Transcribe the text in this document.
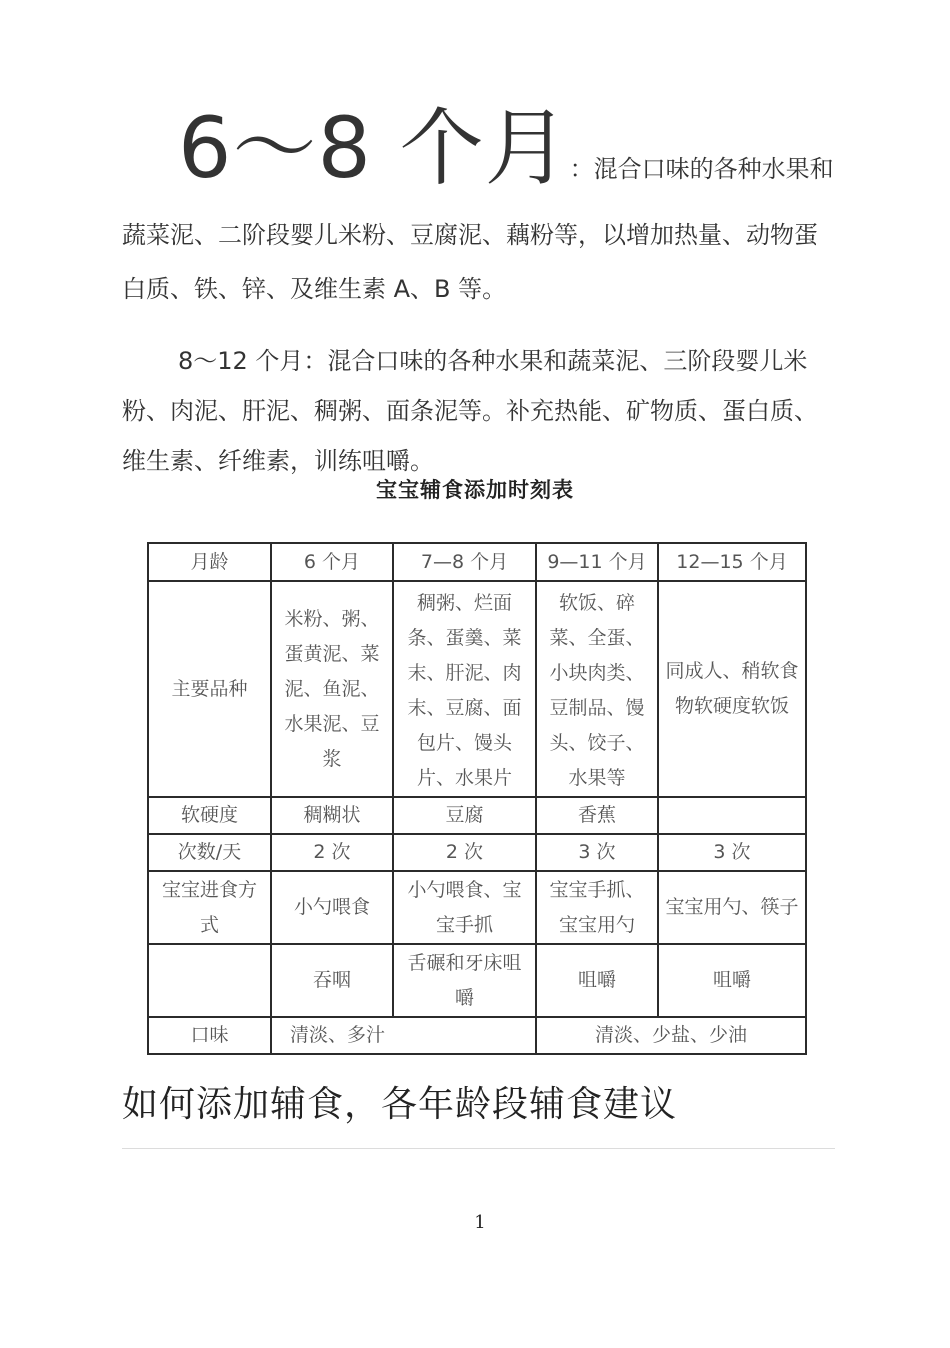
6～8 个月：混合口味的各种水果和蔬菜泥、二阶段婴儿米粉、豆腐泥、藕粉等，以增加热量、动物蛋白质、铁、锌、及维生素 A、B 等。
8～12 个月：混合口味的各种水果和蔬菜泥、三阶段婴儿米粉、肉泥、肝泥、稠粥、面条泥等。补充热能、矿物质、蛋白质、维生素、纤维素，训练咀嚼。
宝宝辅食添加时刻表
月龄	6 个月	7—8 个月	9—11 个月	12—15 个月
主要品种	米粉、粥、蛋黄泥、菜泥、鱼泥、水果泥、豆浆	稠粥、烂面条、蛋羹、菜末、肝泥、肉末、豆腐、面包片、馒头片、水果片	软饭、碎菜、全蛋、小块肉类、豆制品、馒头、饺子、水果等	同成人、稍软食物软硬度软饭
软硬度	稠糊状	豆腐	香蕉	
次数/天	2 次	2 次	3 次	3 次
宝宝进食方式	小勺喂食	小勺喂食、宝宝手抓	宝宝手抓、宝宝用勺	宝宝用勺、筷子
	吞咽	舌碾和牙床咀嚼	咀嚼	咀嚼
口味	清淡、多汁		清淡、少盐、少油	
如何添加辅食，各年龄段辅食建议
1
